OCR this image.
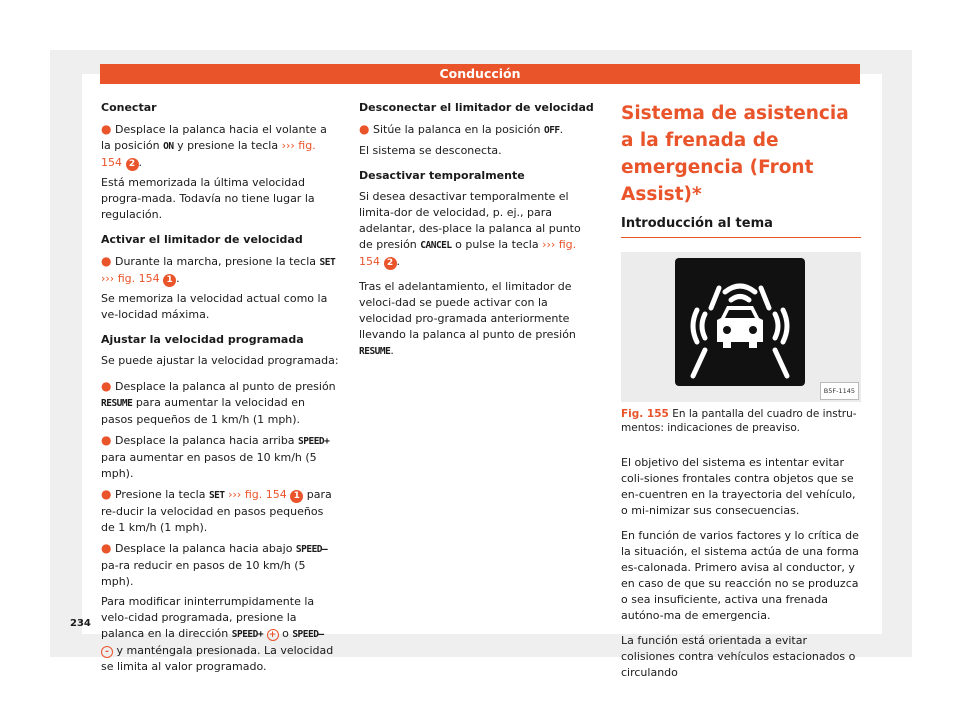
Conducción
Conectar
● Desplace la palanca hacia el volante a la posición ON y presione la tecla ››› fig. 154 2 .
Está memorizada la última velocidad progra-mada. Todavía no tiene lugar la regulación.
Activar el limitador de velocidad
● Durante la marcha, presione la tecla SET ››› fig. 154 1 .
Se memoriza la velocidad actual como la ve-locidad máxima.
Ajustar la velocidad programada
Se puede ajustar la velocidad programada:
● Desplace la palanca al punto de presión RESUME para aumentar la velocidad en pasos pequeños de 1 km/h (1 mph).
● Desplace la palanca hacia arriba SPEED+ para aumentar en pasos de 10 km/h (5 mph).
● Presione la tecla SET ››› fig. 154 1 para re-ducir la velocidad en pasos pequeños de 1 km/h (1 mph).
● Desplace la palanca hacia abajo SPEED– pa-ra reducir en pasos de 10 km/h (5 mph).
Para modificar ininterrumpidamente la velo-cidad programada, presione la palanca en la dirección SPEED+ + o SPEED– - y manténgala presionada. La velocidad se limita al valor programado.
Desconectar el limitador de velocidad
● Sitúe la palanca en la posición OFF.
El sistema se desconecta.
Desactivar temporalmente
Si desea desactivar temporalmente el limita-dor de velocidad, p. ej., para adelantar, des-place la palanca al punto de presión CANCEL o pulse la tecla ››› fig. 154 2 .
Tras el adelantamiento, el limitador de veloci-dad se puede activar con la velocidad pro-gramada anteriormente llevando la palanca al punto de presión RESUME.
Sistema de asistencia a la frenada de emergencia (Front Assist)*
Introducción al tema
B5F-1145
Fig. 155 En la pantalla del cuadro de instru-mentos: indicaciones de preaviso.
El objetivo del sistema es intentar evitar coli-siones frontales contra objetos que se en-cuentren en la trayectoria del vehículo, o mi-nimizar sus consecuencias.
En función de varios factores y lo crítica de la situación, el sistema actúa de una forma es-calonada. Primero avisa al conductor, y en caso de que su reacción no se produzca o sea insuficiente, activa una frenada autóno-ma de emergencia.
La función está orientada a evitar colisiones contra vehículos estacionados o circulando
234
